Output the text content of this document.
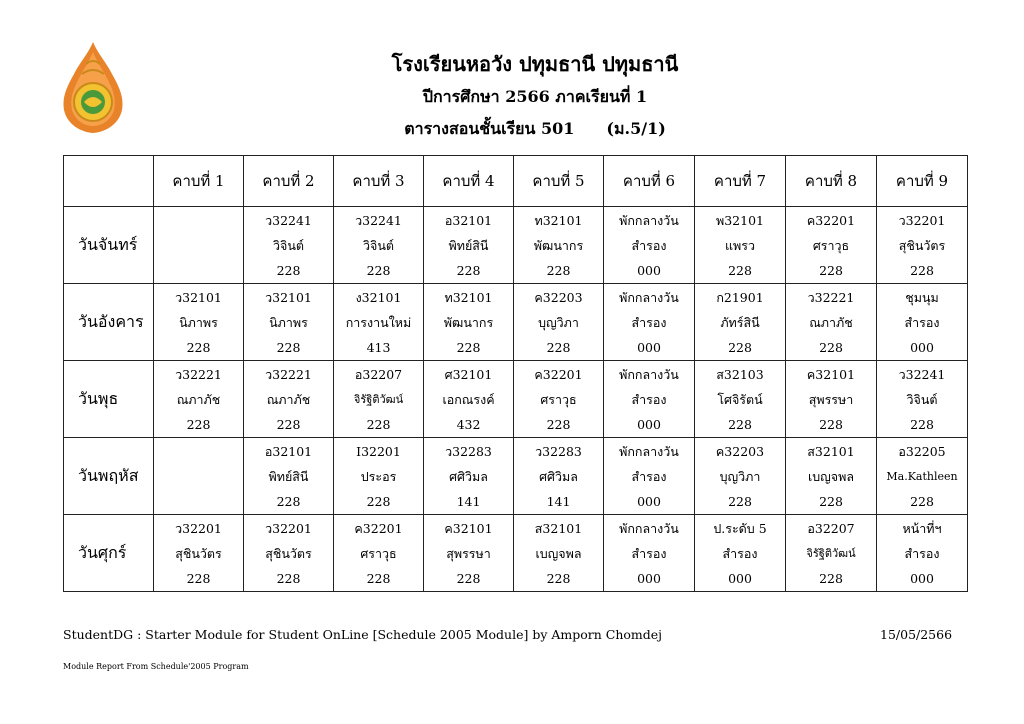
โรงเรียนหอวัง ปทุมธานี ปทุมธานี
ปีการศึกษา 2566 ภาคเรียนที่ 1
ตารางสอนชั้นเรียน 501 (ม.5/1)
	คาบที่ 1	คาบที่ 2	คาบที่ 3	คาบที่ 4	คาบที่ 5	คาบที่ 6	คาบที่ 7	คาบที่ 8	คาบที่ 9
วันจันทร์		ว32241
วิจินต์
228	ว32241
วิจินต์
228	อ32101
พิทย์สินี
228	ท32101
พัฒนากร
228	พักกลางวัน
สำรอง
000	พ32101
แพรว
228	ค32201
ศราวุธ
228	ว32201
สุชินวัตร
228

วันอังคาร	ว32101
นิภาพร
228	ว32101
นิภาพร
228	ง32101
การงานใหม่
413	ท32101
พัฒนากร
228	ค32203
บุญวิภา
228	พักกลางวัน
สำรอง
000	ก21901
ภัทร์สินี
228	ว32221
ณภาภัช
228	ชุมนุม
สำรอง
000

วันพุธ	ว32221
ณภาภัช
228	ว32221
ณภาภัช
228	อ32207
จิรัฐิติวัฒน์
228	ศ32101
เอกณรงค์
432	ค32201
ศราวุธ
228	พักกลางวัน
สำรอง
000	ส32103
โศจิรัตน์
228	ค32101
สุพรรษา
228	ว32241
วิจินต์
228

วันพฤหัส		อ32101
พิทย์สินี
228	I32201
ประอร
228	ว32283
ศศิวิมล
141	ว32283
ศศิวิมล
141	พักกลางวัน
สำรอง
000	ค32203
บุญวิภา
228	ส32101
เบญจพล
228	อ32205
Ma.Kathleen
228

วันศุกร์	ว32201
สุชินวัตร
228	ว32201
สุชินวัตร
228	ค32201
ศราวุธ
228	ค32101
สุพรรษา
228	ส32101
เบญจพล
228	พักกลางวัน
สำรอง
000	ป.ระดับ 5
สำรอง
000	อ32207
จิรัฐิติวัฒน์
228	หน้าที่ฯ
สำรอง
000
StudentDG : Starter Module for Student OnLine [Schedule 2005 Module] by Amporn Chomdej	15/05/2566
Module Report From Schedule'2005 Program
